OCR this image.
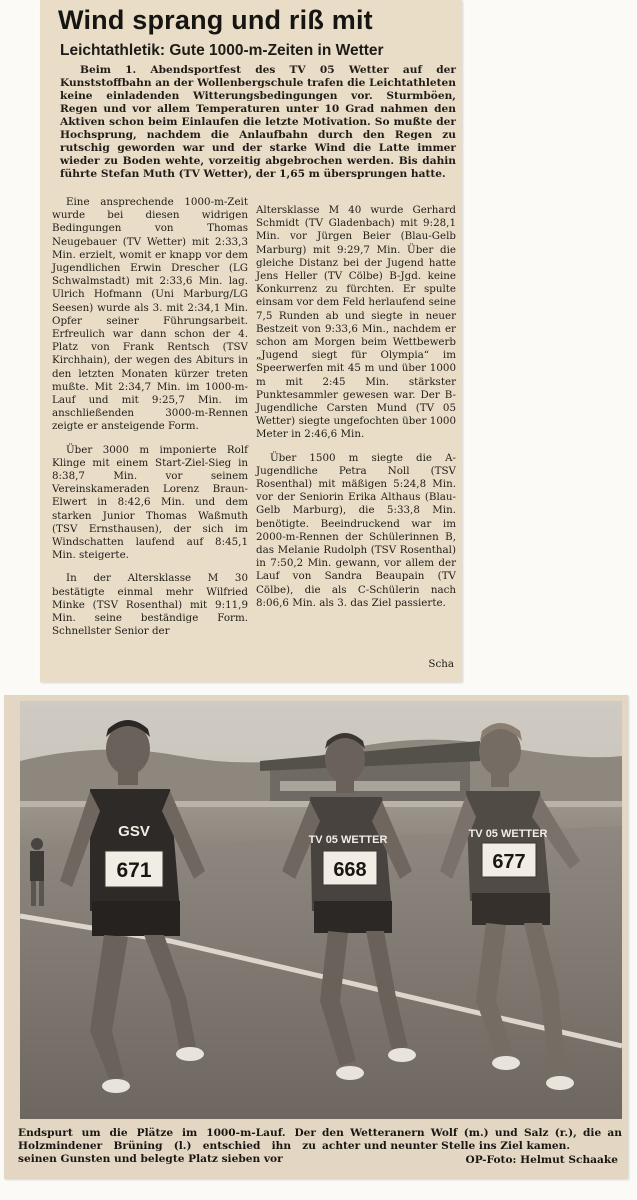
Wind sprang und riß mit
Leichtathletik: Gute 1000-m-Zeiten in Wetter
Beim 1. Abendsportfest des TV 05 Wetter auf der Kunststoffbahn an der Wollenbergschule trafen die Leichtathleten keine einladenden Witterungsbedingungen vor. Sturmböen, Regen und vor allem Temperaturen unter 10 Grad nahmen den Aktiven schon beim Einlaufen die letzte Motivation. So mußte der Hochsprung, nachdem die Anlaufbahn durch den Regen zu rutschig geworden war und der starke Wind die Latte immer wieder zu Boden wehte, vorzeitig abgebrochen werden. Bis dahin führte Stefan Muth (TV Wetter), der 1,65 m übersprungen hatte.

Eine ansprechende 1000-m-Zeit wurde bei diesen widrigen Bedingungen von Thomas Neugebauer (TV Wetter) mit 2:33,3 Min. erzielt, womit er knapp vor dem Jugendlichen Erwin Drescher (LG Schwalmstadt) mit 2:33,6 Min. lag. Ulrich Hofmann (Uni Marburg/LG Seesen) wurde als 3. mit 2:34,1 Min. Opfer seiner Führungsarbeit. Erfreulich war dann schon der 4. Platz von Frank Rentsch (TSV Kirchhain), der wegen des Abiturs in den letzten Monaten kürzer treten mußte. Mit 2:34,7 Min. im 1000-m-Lauf und mit 9:25,7 Min. im anschließenden 3000-m-Rennen zeigte er ansteigende Form.

Über 3000 m imponierte Rolf Klinge mit einem Start-Ziel-Sieg in 8:38,7 Min. vor seinem Vereinskameraden Lorenz Braun-Elwert in 8:42,6 Min. und dem starken Junior Thomas Waßmuth (TSV Ernsthausen), der sich im Windschatten laufend auf 8:45,1 Min. steigerte.

In der Altersklasse M 30 bestätigte einmal mehr Wilfried Minke (TSV Rosenthal) mit 9:11,9 Min. seine beständige Form. Schnellster Senior der

Altersklasse M 40 wurde Gerhard Schmidt (TV Gladenbach) mit 9:28,1 Min. vor Jürgen Beier (Blau-Gelb Marburg) mit 9:29,7 Min. Über die gleiche Distanz bei der Jugend hatte Jens Heller (TV Cölbe) B-Jgd. keine Konkurrenz zu fürchten. Er spulte einsam vor dem Feld herlaufend seine 7,5 Runden ab und siegte in neuer Bestzeit von 9:33,6 Min., nachdem er schon am Morgen beim Wettbewerb „Jugend siegt für Olympia“ im Speerwerfen mit 45 m und über 1000 m mit 2:45 Min. stärkster Punktesammler gewesen war. Der B-Jugendliche Carsten Mund (TV 05 Wetter) siegte ungefochten über 1000 Meter in 2:46,6 Min.

Über 1500 m siegte die A-Jugendliche Petra Noll (TSV Rosenthal) mit mäßigen 5:24,8 Min. vor der Seniorin Erika Althaus (Blau-Gelb Marburg), die 5:33,8 Min. benötigte. Beeindruckend war im 2000-m-Rennen der Schülerinnen B, das Melanie Rudolph (TSV Rosenthal) in 7:50,2 Min. gewann, vor allem der Lauf von Sandra Beaupain (TV Cölbe), die als C-Schülerin nach 8:06,6 Min. als 3. das Ziel passierte.

Scha
671
GSV	TV 05 WETTER
668
TV 05 WETTER
677
Endspurt um die Plätze im 1000-m-Lauf. Der Holzmindener Brüning (l.) entschied ihn zu seinen Gunsten und belegte Platz sieben vor
den Wetteranern Wolf (m.) und Salz (r.), die an achter und neunter Stelle ins Ziel kamen.
OP-Foto: Helmut Schaake
